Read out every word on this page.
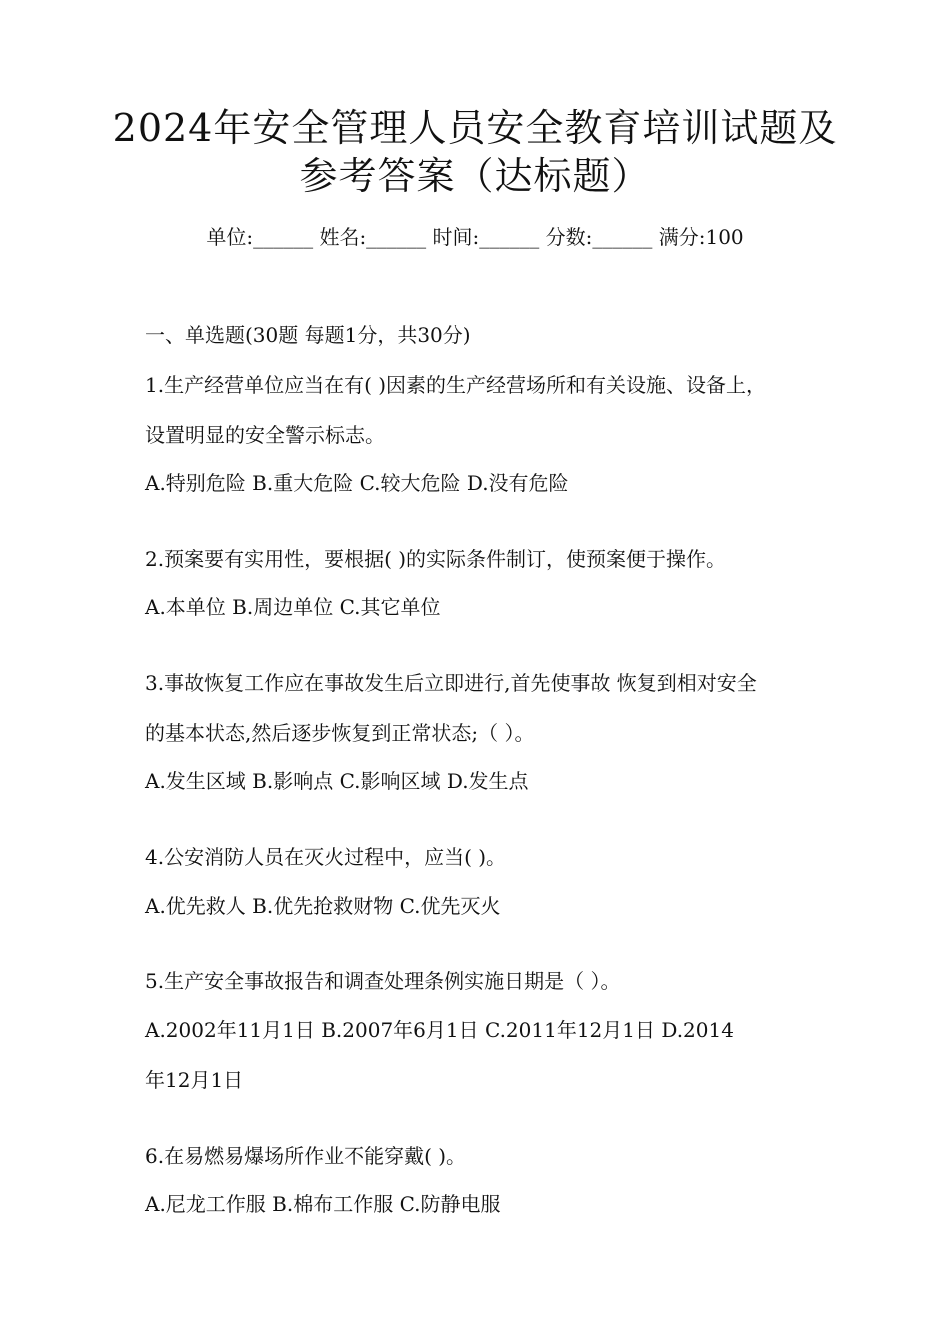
2024年安全管理人员安全教育培训试题及
参考答案（达标题）
单位:______ 姓名:______ 时间:______ 分数:______ 满分:100
一、单选题(30题 每题1分，共30分)
1.生产经营单位应当在有( )因素的生产经营场所和有关设施、设备上，
设置明显的安全警示标志。
A.特别危险 B.重大危险 C.较大危险 D.没有危险
2.预案要有实用性，要根据( )的实际条件制订，使预案便于操作。
A.本单位 B.周边单位 C.其它单位
3.事故恢复工作应在事故发生后立即进行,首先使事故 恢复到相对安全
的基本状态,然后逐步恢复到正常状态;（ ）。
A.发生区域 B.影响点 C.影响区域 D.发生点
4.公安消防人员在灭火过程中，应当( )。
A.优先救人 B.优先抢救财物 C.优先灭火
5.生产安全事故报告和调查处理条例实施日期是（ ）。
A.2002年11月1日 B.2007年6月1日 C.2011年12月1日 D.2014
年12月1日
6.在易燃易爆场所作业不能穿戴( )。
A.尼龙工作服 B.棉布工作服 C.防静电服
